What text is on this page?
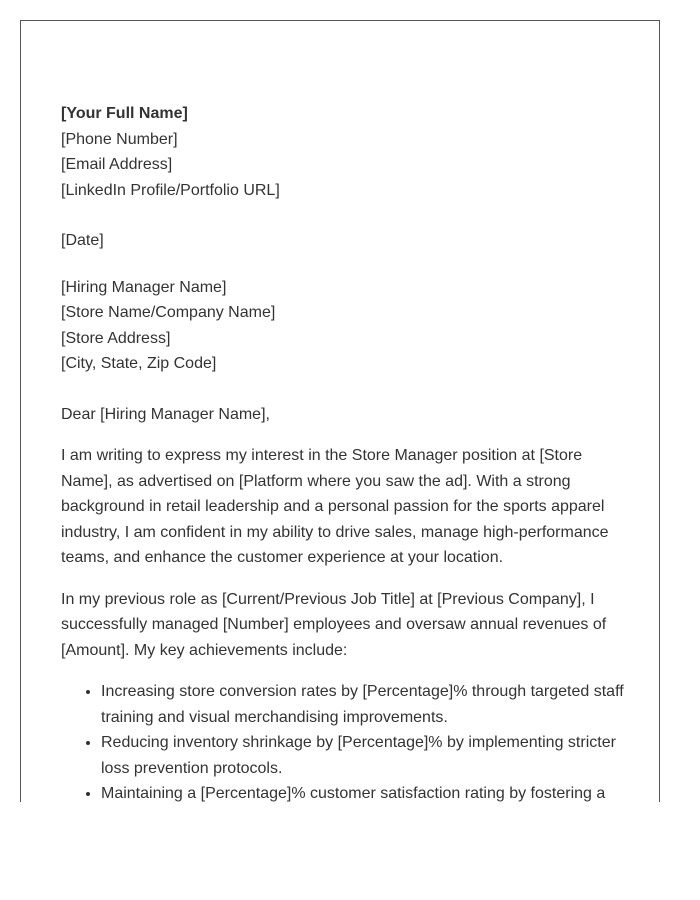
[Your Full Name]
[Phone Number]
[Email Address]
[LinkedIn Profile/Portfolio URL]
[Date]
[Hiring Manager Name]
[Store Name/Company Name]
[Store Address]
[City, State, Zip Code]
Dear [Hiring Manager Name],

I am writing to express my interest in the Store Manager position at [Store Name], as advertised on [Platform where you saw the ad]. With a strong background in retail leadership and a personal passion for the sports apparel industry, I am confident in my ability to drive sales, manage high-performance teams, and enhance the customer experience at your location.

In my previous role as [Current/Previous Job Title] at [Previous Company], I successfully managed [Number] employees and oversaw annual revenues of [Amount]. My key achievements include:

• Increasing store conversion rates by [Percentage]% through targeted staff training and visual merchandising improvements.
• Reducing inventory shrinkage by [Percentage]% by implementing stricter loss prevention protocols.
• Maintaining a [Percentage]% customer satisfaction rating by fostering a
